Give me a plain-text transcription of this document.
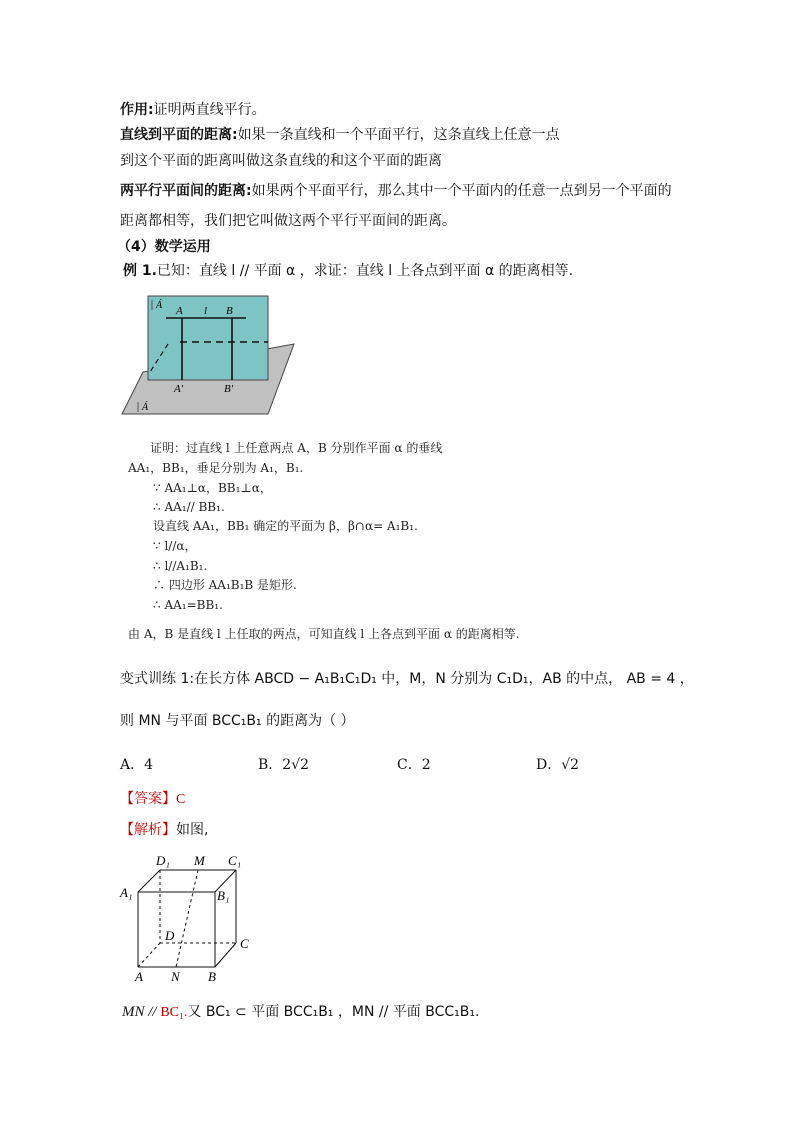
作用:证明两直线平行。
直线到平面的距离:如果一条直线和一个平面平行，这条直线上任意一点
到这个平面的距离叫做这条直线的和这个平面的距离
两平行平面间的距离:如果两个平面平行，那么其中一个平面内的任意一点到另一个平面的
距离都相等，我们把它叫做这两个平行平面间的距离。
（4）数学运用
例 1.已知：直线 l // 平面 α ，求证：直线 l 上各点到平面 α 的距离相等.
A l B
A′	B′
Á
Á
证明：过直线 l 上任意两点 A，B 分别作平面 α 的垂线
AA₁，BB₁，垂足分别为 A₁，B₁.
∵ AA₁⊥α，BB₁⊥α，
∴ AA₁// BB₁.
设直线 AA₁，BB₁ 确定的平面为 β，β∩α= A₁B₁.
∵ l//α，
∴ l//A₁B₁.
∴ 四边形 AA₁B₁B 是矩形.
∴ AA₁=BB₁.
由 A，B 是直线 l 上任取的两点，可知直线 l 上各点到平面 α 的距离相等.
变式训练 1:在长方体 ABCD − A₁B₁C₁D₁ 中，M，N 分别为 C₁D₁，AB 的中点， AB = 4 ，
则 MN 与平面 BCC₁B₁ 的距离为（ ）
A．4	B．2√2	C．2	D．√2
【答案】C
【解析】如图,
D₁ M C₁
A₁	B₁
D
C
A N B
MN // BC₁.又 BC₁ ⊂ 平面 BCC₁B₁ ，MN // 平面 BCC₁B₁.
